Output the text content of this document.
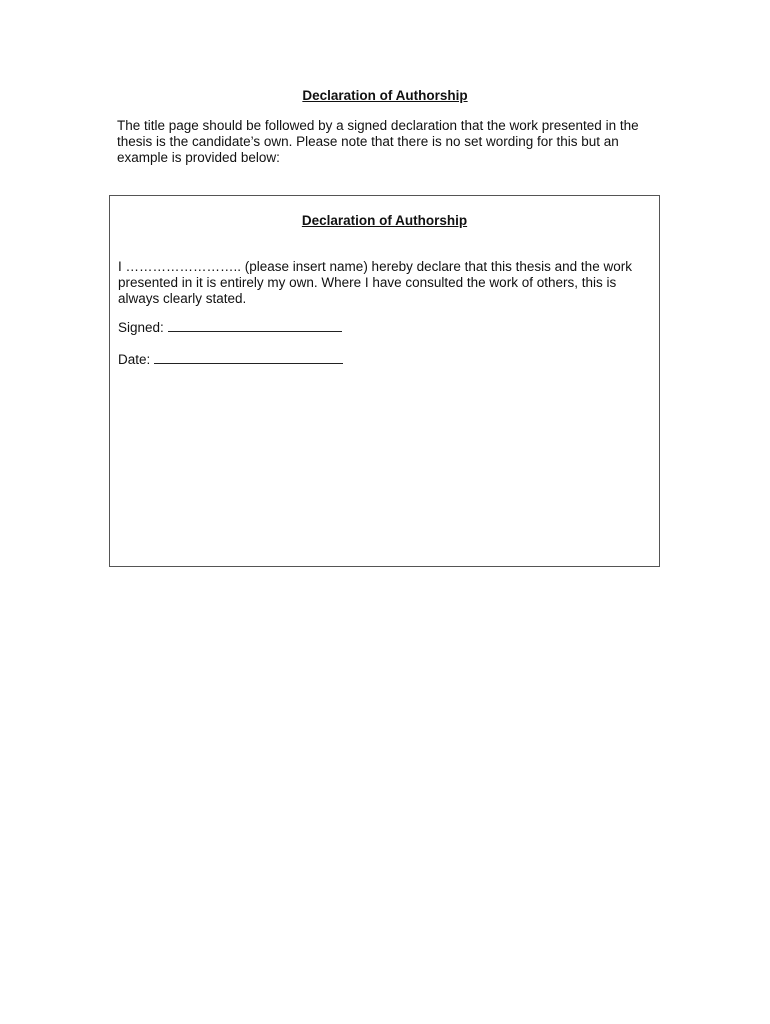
Declaration of Authorship

The title page should be followed by a signed declaration that the work presented in the thesis is the candidate’s own. Please note that there is no set wording for this but an example is provided below:

Declaration of Authorship

I …………………….. (please insert name) hereby declare that this thesis and the work presented in it is entirely my own. Where I have consulted the work of others, this is always clearly stated.

Signed:
Date:
